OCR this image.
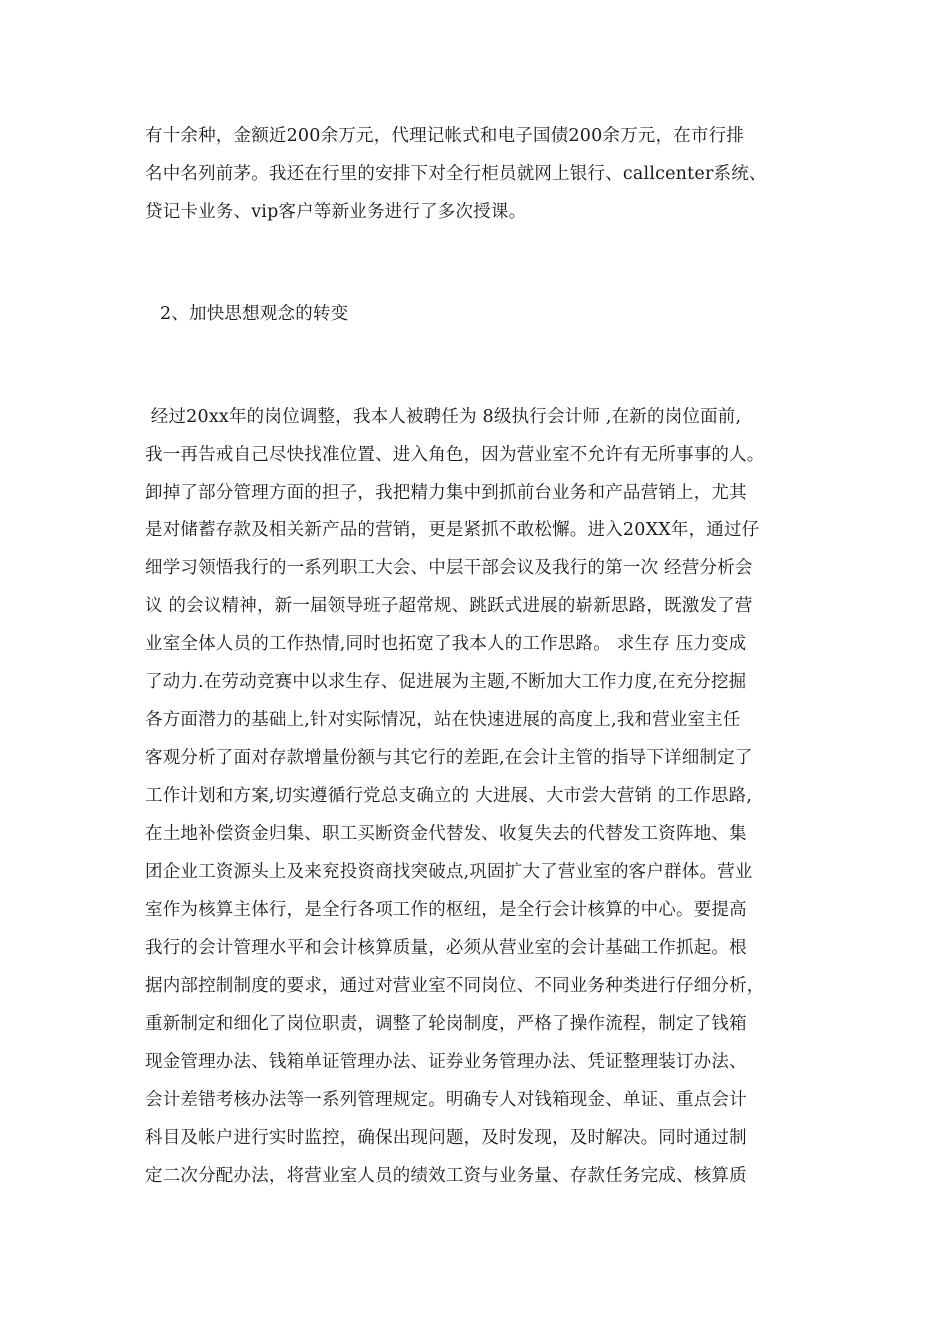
有十余种，金额近200余万元，代理记帐式和电子国债200余万元，在市行排
名中名列前茅。我还在行里的安排下对全行柜员就网上银行、callcenter系统、
贷记卡业务、vip客户等新业务进行了多次授课。
2、加快思想观念的转变
经过20xx年的岗位调整，我本人被聘任为 8级执行会计师 ,在新的岗位面前,
我一再告戒自己尽快找准位置、进入角色，因为营业室不允许有无所事事的人。
卸掉了部分管理方面的担子，我把精力集中到抓前台业务和产品营销上，尤其
是对储蓄存款及相关新产品的营销，更是紧抓不敢松懈。进入20XX年，通过仔
细学习领悟我行的一系列职工大会、中层干部会议及我行的第一次 经营分析会
议 的会议精神，新一届领导班子超常规、跳跃式进展的崭新思路，既激发了营
业室全体人员的工作热情,同时也拓宽了我本人的工作思路。 求生存 压力变成
了动力.在劳动竞赛中以求生存、促进展为主题,不断加大工作力度,在充分挖掘
各方面潜力的基础上,针对实际情况，站在快速进展的高度上,我和营业室主任
客观分析了面对存款增量份额与其它行的差距,在会计主管的指导下详细制定了
工作计划和方案,切实遵循行党总支确立的 大进展、大市尝大营销 的工作思路,
在土地补偿资金归集、职工买断资金代替发、收复失去的代替发工资阵地、集
团企业工资源头上及来兖投资商找突破点,巩固扩大了营业室的客户群体。营业
室作为核算主体行，是全行各项工作的枢纽，是全行会计核算的中心。要提高
我行的会计管理水平和会计核算质量，必须从营业室的会计基础工作抓起。根
据内部控制制度的要求，通过对营业室不同岗位、不同业务种类进行仔细分析，
重新制定和细化了岗位职责，调整了轮岗制度，严格了操作流程，制定了钱箱
现金管理办法、钱箱单证管理办法、证券业务管理办法、凭证整理装订办法、
会计差错考核办法等一系列管理规定。明确专人对钱箱现金、单证、重点会计
科目及帐户进行实时监控，确保出现问题，及时发现，及时解决。同时通过制
定二次分配办法，将营业室人员的绩效工资与业务量、存款任务完成、核算质
